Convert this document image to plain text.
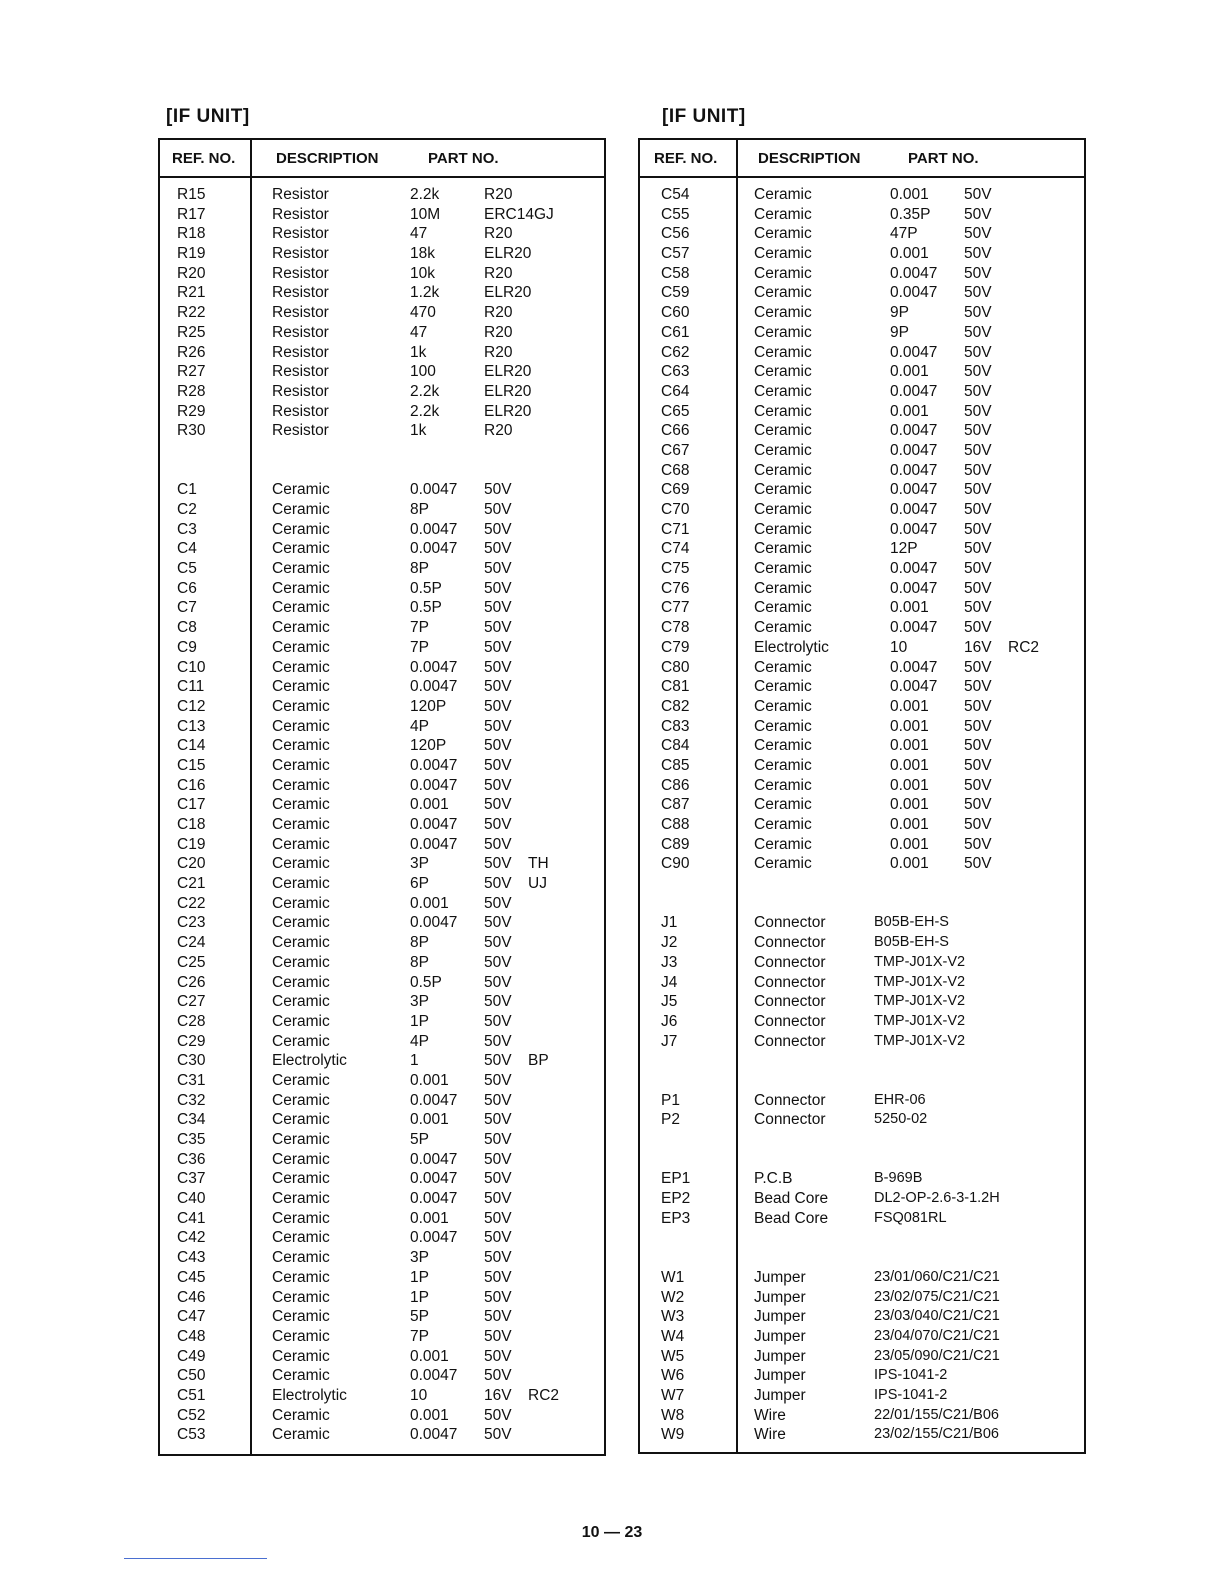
[IF UNIT]
REF. NO.	DESCRIPTION	PART NO.
R15	Resistor	2.2k	R20
R17	Resistor	10M	ERC14GJ
R18	Resistor	47	R20
R19	Resistor	18k	ELR20
R20	Resistor	10k	R20
R21	Resistor	1.2k	ELR20
R22	Resistor	470	R20
R25	Resistor	47	R20
R26	Resistor	1k	R20
R27	Resistor	100	ELR20
R28	Resistor	2.2k	ELR20
R29	Resistor	2.2k	ELR20
R30	Resistor	1k	R20
C1	Ceramic	0.0047 50V
C2	Ceramic	8P	50V
C3	Ceramic	0.0047 50V
C4	Ceramic	0.0047 50V
C5	Ceramic	8P	50V
C6	Ceramic	0.5P	50V
C7	Ceramic	0.5P	50V
C8	Ceramic	7P	50V
C9	Ceramic	7P	50V
C10	Ceramic	0.0047 50V
C11	Ceramic	0.0047 50V
C12	Ceramic	120P 50V
C13	Ceramic	4P	50V
C14	Ceramic	120P 50V
C15	Ceramic	0.0047 50V
C16	Ceramic	0.0047 50V
C17	Ceramic	0.001 50V
C18	Ceramic	0.0047 50V
C19	Ceramic	0.0047 50V
C20	Ceramic	3P	50V TH
C21	Ceramic	6P	50V UJ
C22	Ceramic	0.001 50V
C23	Ceramic	0.0047 50V
C24	Ceramic	8P	50V
C25	Ceramic	8P	50V
C26	Ceramic	0.5P	50V
C27	Ceramic	3P	50V
C28	Ceramic	1P	50V
C29	Ceramic	4P	50V
C30	Electrolytic	1	50V BP
C31	Ceramic	0.001 50V
C32	Ceramic	0.0047 50V
C34	Ceramic	0.001 50V
C35	Ceramic	5P	50V
C36	Ceramic	0.0047 50V
C37	Ceramic	0.0047 50V
C40	Ceramic	0.0047 50V
C41	Ceramic	0.001 50V
C42	Ceramic	0.0047 50V
C43	Ceramic	3P	50V
C45	Ceramic	1P	50V
C46	Ceramic	1P	50V
C47	Ceramic	5P	50V
C48	Ceramic	7P	50V
C49	Ceramic	0.001 50V
C50	Ceramic	0.0047 50V
C51	Electrolytic	10	16V RC2
C52	Ceramic	0.001 50V
C53	Ceramic	0.0047 50V
[IF UNIT]
REF. NO.	DESCRIPTION	PART NO.
C54	Ceramic	0.001 50V
C55	Ceramic	0.35P 50V
C56	Ceramic	47P	50V
C57	Ceramic	0.001 50V
C58	Ceramic	0.0047 50V
C59	Ceramic	0.0047 50V
C60	Ceramic	9P	50V
C61	Ceramic	9P	50V
C62	Ceramic	0.0047 50V
C63	Ceramic	0.001 50V
C64	Ceramic	0.0047 50V
C65	Ceramic	0.001 50V
C66	Ceramic	0.0047 50V
C67	Ceramic	0.0047 50V
C68	Ceramic	0.0047 50V
C69	Ceramic	0.0047 50V
C70	Ceramic	0.0047 50V
C71	Ceramic	0.0047 50V
C74	Ceramic	12P	50V
C75	Ceramic	0.0047 50V
C76	Ceramic	0.0047 50V
C77	Ceramic	0.001 50V
C78	Ceramic	0.0047 50V
C79	Electrolytic	10	16V RC2
C80	Ceramic	0.0047 50V
C81	Ceramic	0.0047 50V
C82	Ceramic	0.001 50V
C83	Ceramic	0.001 50V
C84	Ceramic	0.001 50V
C85	Ceramic	0.001 50V
C86	Ceramic	0.001 50V
C87	Ceramic	0.001 50V
C88	Ceramic	0.001 50V
C89	Ceramic	0.001 50V
C90	Ceramic	0.001 50V
J1	Connector	B05B-EH-S
J2	Connector	B05B-EH-S
J3	Connector	TMP-J01X-V2
J4	Connector	TMP-J01X-V2
J5	Connector	TMP-J01X-V2
J6	Connector	TMP-J01X-V2
J7	Connector	TMP-J01X-V2
P1	Connector	EHR-06
P2	Connector	5250-02
EP1	P.C.B	B-969B
EP2	Bead Core	DL2-OP-2.6-3-1.2H
EP3	Bead Core	FSQ081RL
W1	Jumper	23/01/060/C21/C21
W2	Jumper	23/02/075/C21/C21
W3	Jumper	23/03/040/C21/C21
W4	Jumper	23/04/070/C21/C21
W5	Jumper	23/05/090/C21/C21
W6	Jumper	IPS-1041-2
W7	Jumper	IPS-1041-2
W8	Wire	22/01/155/C21/B06
W9	Wire	23/02/155/C21/B06
10 — 23
